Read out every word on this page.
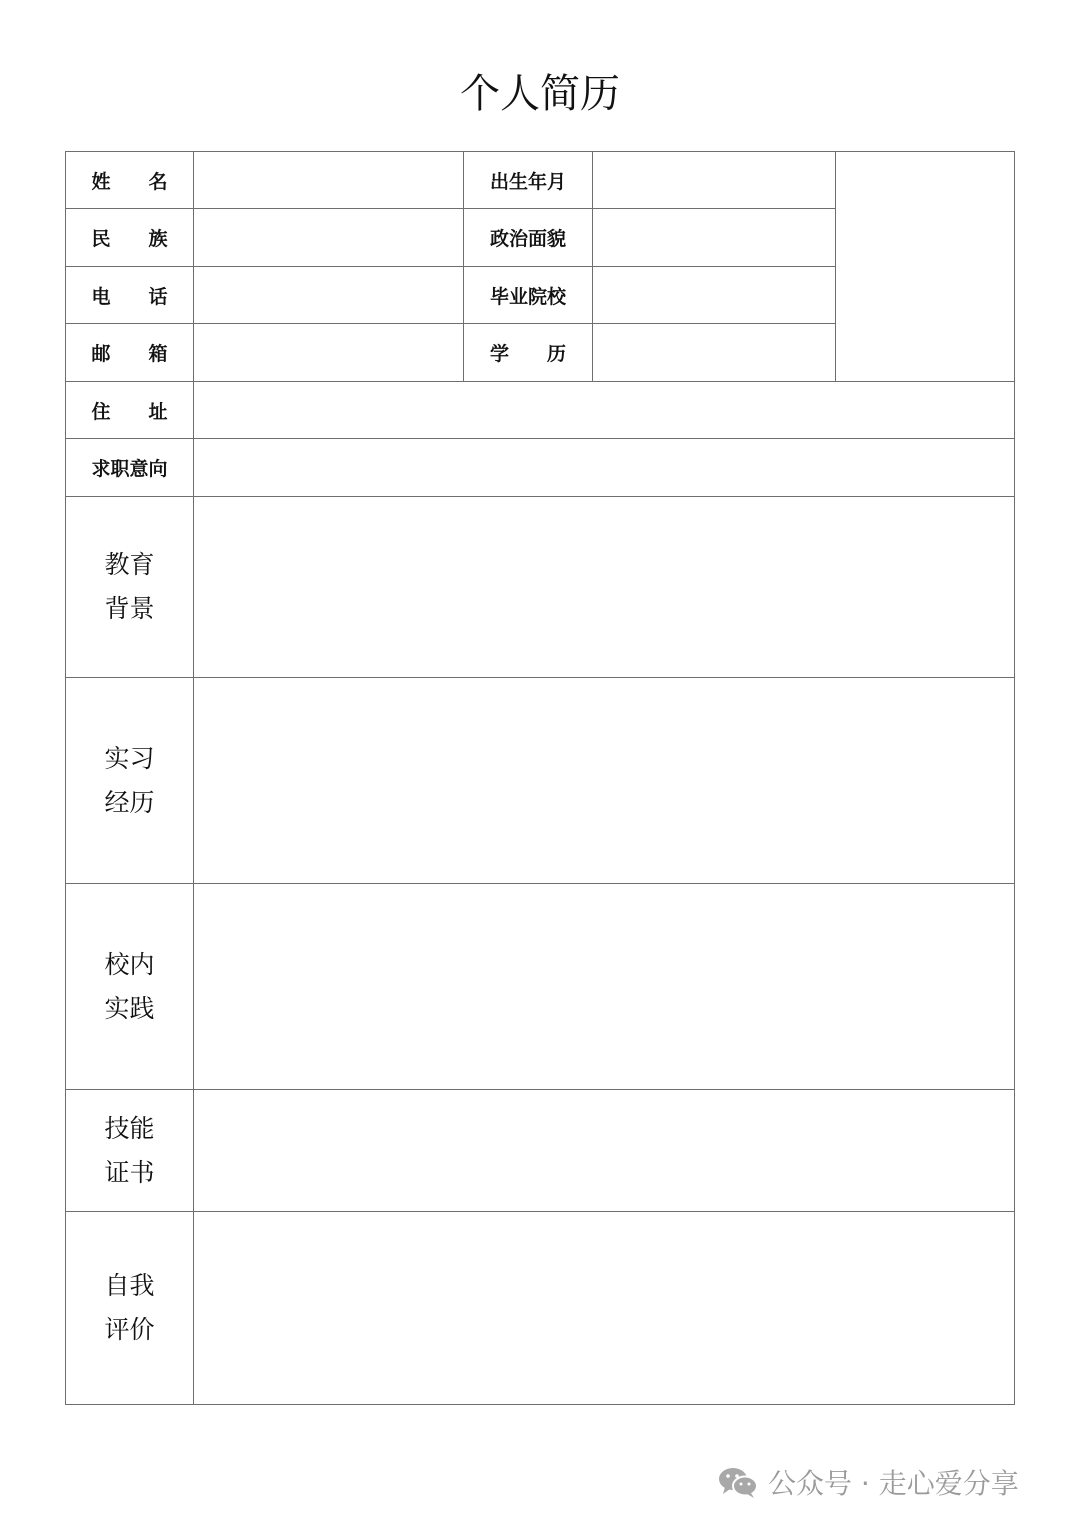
个人简历
姓 名		出生年月		

民 族		政治面貌		

电 话		毕业院校		

邮 箱		学 历		

住 址				

求职意向				

教育
背景				

实习
经历				

校内
实践				

技能
证书				

自我
评价				

公众号 · 走心爱分享
